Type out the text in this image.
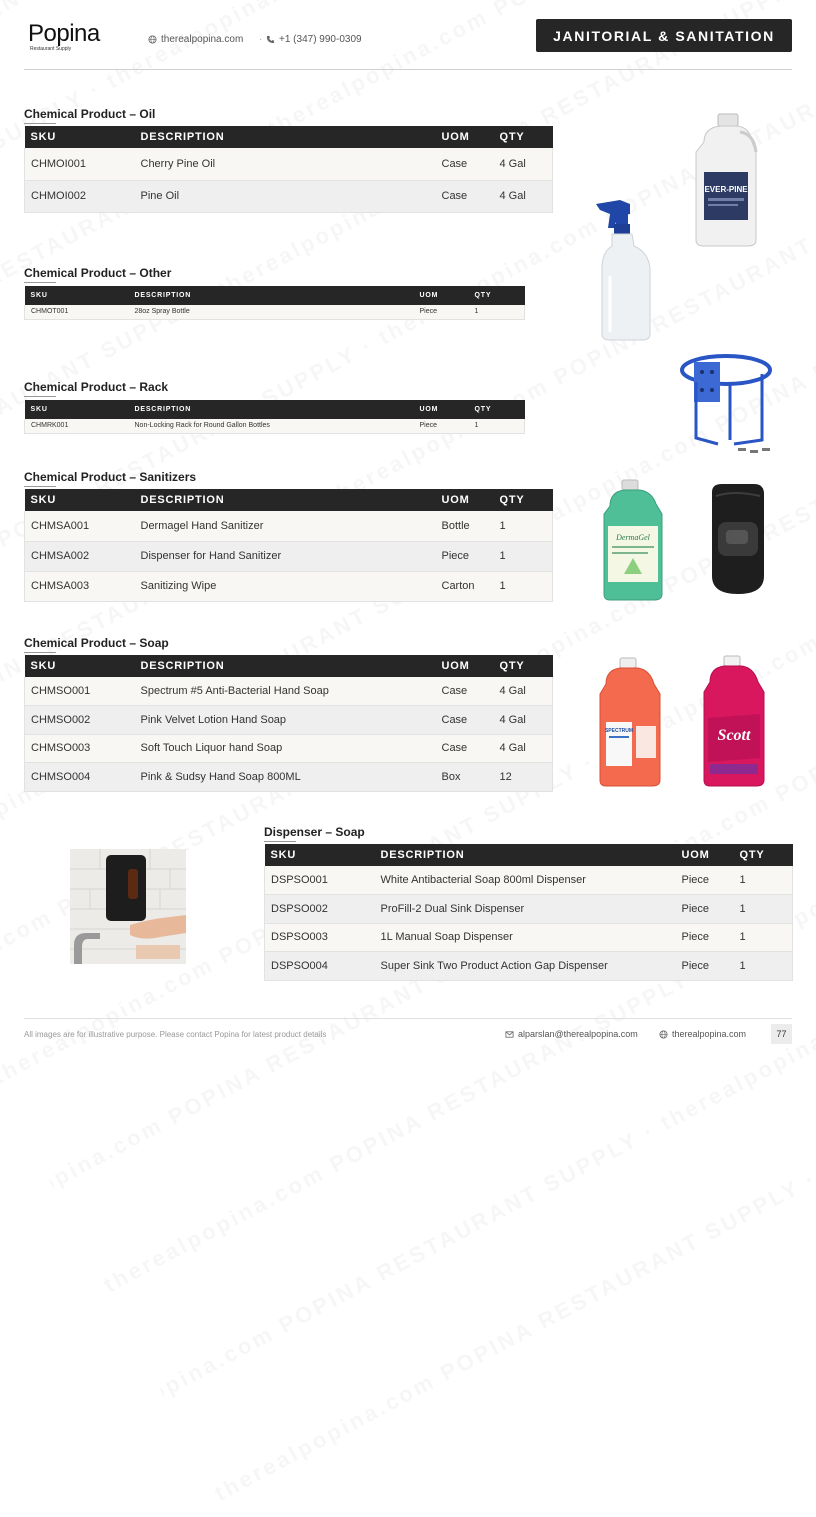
Popina
Restaurant Supply
therealpopina.com · +1 (347) 990-0309	JANITORIAL & SANITATION
Chemical Product – Oil
SKU	DESCRIPTION	UOM	QTY
CHMOI001	Cherry Pine Oil	Case	4 Gal
CHMOI002	Pine Oil	Case	4 Gal
Chemical Product – Other
SKU	DESCRIPTION	UOM	QTY
CHMOT001	28oz Spray Bottle	Piece	1
Chemical Product – Rack
SKU	DESCRIPTION	UOM	QTY
CHMRK001	Non-Locking Rack for Round Gallon Bottles	Piece	1
Chemical Product – Sanitizers
SKU	DESCRIPTION	UOM	QTY
CHMSA001	Dermagel Hand Sanitizer	Bottle	1
CHMSA002	Dispenser for Hand Sanitizer	Piece	1
CHMSA003	Sanitizing Wipe	Carton	1
Chemical Product – Soap
SKU	DESCRIPTION	UOM	QTY
CHMSO001	Spectrum #5 Anti-Bacterial Hand Soap	Case	4 Gal
CHMSO002	Pink Velvet Lotion Hand Soap	Case	4 Gal
CHMSO003	Soft Touch Liquor hand Soap	Case	4 Gal
CHMSO004	Pink & Sudsy Hand Soap 800ML	Box	12
Dispenser – Soap
SKU	DESCRIPTION	UOM	QTY
DSPSO001	White Antibacterial Soap 800ml Dispenser	Piece	1
DSPSO002	ProFill-2 Dual Sink Dispenser	Piece	1
DSPSO003	1L Manual Soap Dispenser	Piece	1
DSPSO004	Super Sink Two Product Action Gap Dispenser	Piece	1
EVER-PINE
DermaGel
SPECTRUM	Scott
All images are for illustrative purpose. Please contact Popina for latest product details	alparslan@therealpopina.com	therealpopina.com	77
